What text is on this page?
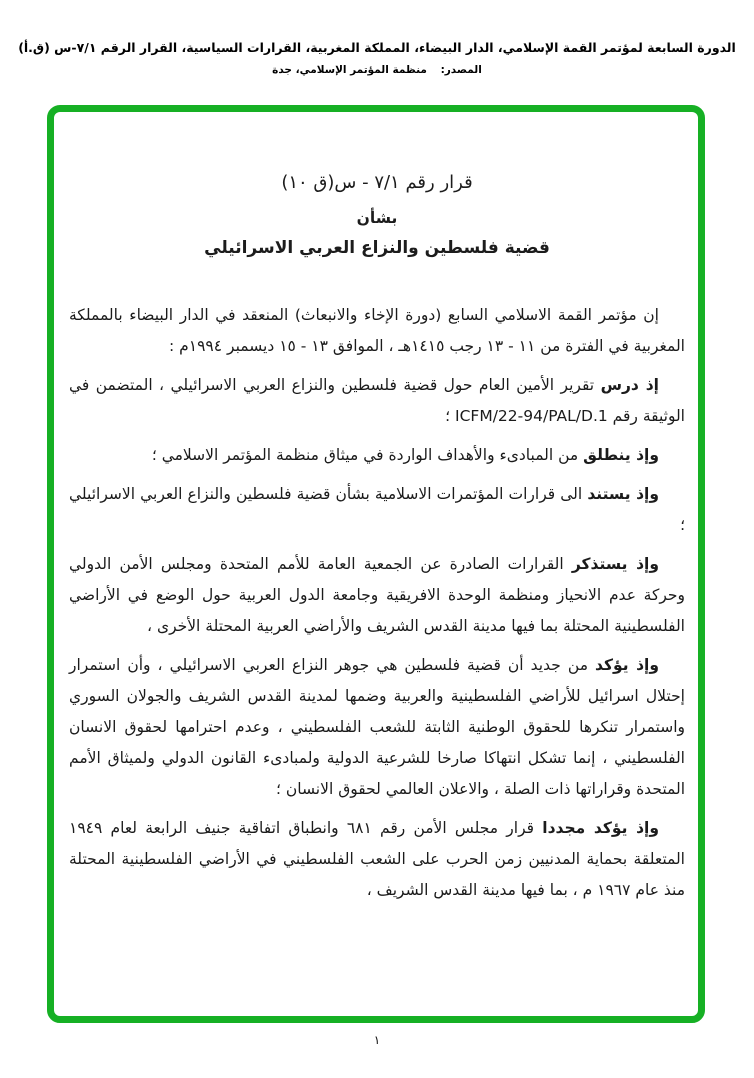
الدورة السابعة لمؤتمر القمة الإسلامي، الدار البيضاء، المملكة المغربية، القرارات السياسية، القرار الرقم ٧/١-س (ق.أ)
المصدر: منظمة المؤتمر الإسلامي، جدة
قرار رقم ٧/١ - س(ق ١٠)
بشأن
قضية فلسطين والنزاع العربي الاسرائيلي

إن مؤتمر القمة الاسلامي السابع (دورة الإخاء والانبعاث) المنعقد في الدار البيضاء بالمملكة المغربية في الفترة من ١١ - ١٣ رجب ١٤١٥هـ ، الموافق ١٣ - ١٥ ديسمبر ١٩٩٤م :

إذ درس تقرير الأمين العام حول قضية فلسطين والنزاع العربي الاسرائيلي ، المتضمن في الوثيقة رقم ICFM/22-94/PAL/D.1 ؛

وإذ ينطلق من المبادىء والأهداف الواردة في ميثاق منظمة المؤتمر الاسلامي ؛

وإذ يستند الى قرارات المؤتمرات الاسلامية بشأن قضية فلسطين والنزاع العربي الاسرائيلي ؛

وإذ يستذكر القرارات الصادرة عن الجمعية العامة للأمم المتحدة ومجلس الأمن الدولي وحركة عدم الانحياز ومنظمة الوحدة الافريقية وجامعة الدول العربية حول الوضع في الأراضي الفلسطينية المحتلة بما فيها مدينة القدس الشريف والأراضي العربية المحتلة الأخرى ،

وإذ يؤكد من جديد أن قضية فلسطين هي جوهر النزاع العربي الاسرائيلي ، وأن استمرار إحتلال اسرائيل للأراضي الفلسطينية والعربية وضمها لمدينة القدس الشريف والجولان السوري واستمرار تنكرها للحقوق الوطنية الثابتة للشعب الفلسطيني ، وعدم احترامها لحقوق الانسان الفلسطيني ، إنما تشكل انتهاكا صارخا للشرعية الدولية ولمبادىء القانون الدولي ولميثاق الأمم المتحدة وقراراتها ذات الصلة ، والاعلان العالمي لحقوق الانسان ؛

وإذ يؤكد مجددا قرار مجلس الأمن رقم ٦٨١ وانطباق اتفاقية جنيف الرابعة لعام ١٩٤٩ المتعلقة بحماية المدنيين زمن الحرب على الشعب الفلسطيني في الأراضي الفلسطينية المحتلة منذ عام ١٩٦٧ م ، بما فيها مدينة القدس الشريف ،

١
